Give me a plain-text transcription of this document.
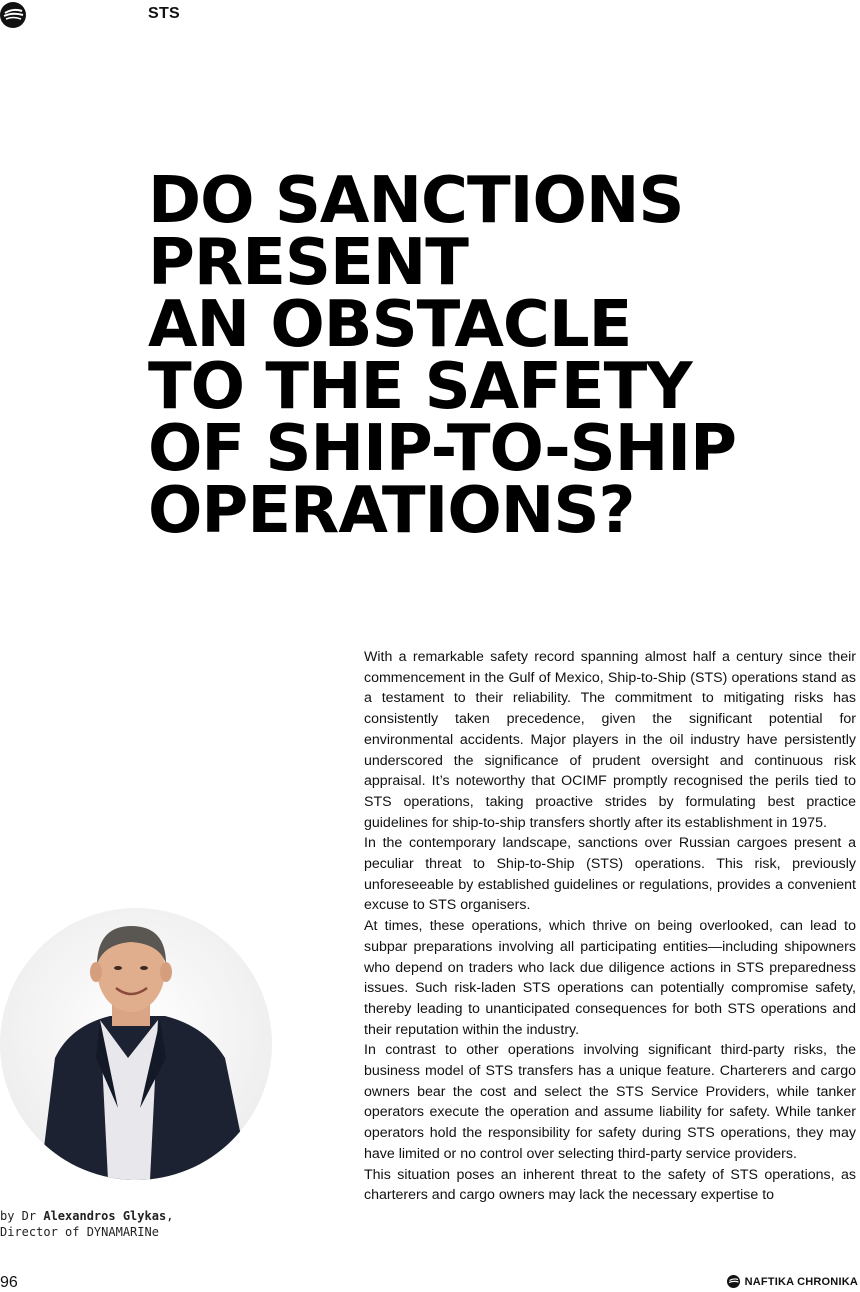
STS
DO SANCTIONS
PRESENT
AN OBSTACLE
TO THE SAFETY
OF SHIP-TO-SHIP
OPERATIONS?

With a remarkable safety record spanning almost half a century since their commencement in the Gulf of Mexico, Ship-to-Ship (STS) operations stand as a testament to their reliability. The commitment to mitigating risks has consistently taken precedence, given the significant potential for environmental accidents. Major players in the oil industry have persistently underscored the significance of prudent oversight and continuous risk appraisal. It’s noteworthy that OCIMF promptly recognised the perils tied to STS operations, taking proactive strides by formulating best practice guidelines for ship-to-ship transfers shortly after its establishment in 1975.

In the contemporary landscape, sanctions over Russian cargoes present a peculiar threat to Ship-to-Ship (STS) operations. This risk, previously unforeseeable by established guidelines or regulations, provides a convenient excuse to STS organisers.

At times, these operations, which thrive on being overlooked, can lead to subpar preparations involving all participating entities—including shipowners who depend on traders who lack due diligence actions in STS preparedness issues. Such risk-laden STS operations can potentially compromise safety, thereby leading to unanticipated consequences for both STS operations and their reputation within the industry.

In contrast to other operations involving significant third-party risks, the business model of STS transfers has a unique feature. Charterers and cargo owners bear the cost and select the STS Service Providers, while tanker operators execute the operation and assume liability for safety. While tanker operators hold the responsibility for safety during STS operations, they may have limited or no control over selecting third-party service providers.

This situation poses an inherent threat to the safety of STS operations, as charterers and cargo owners may lack the necessary expertise to

by Dr Alexandros Glykas,
Director of DYNAMARINe
96	NAFTIKA CHRONIKA
